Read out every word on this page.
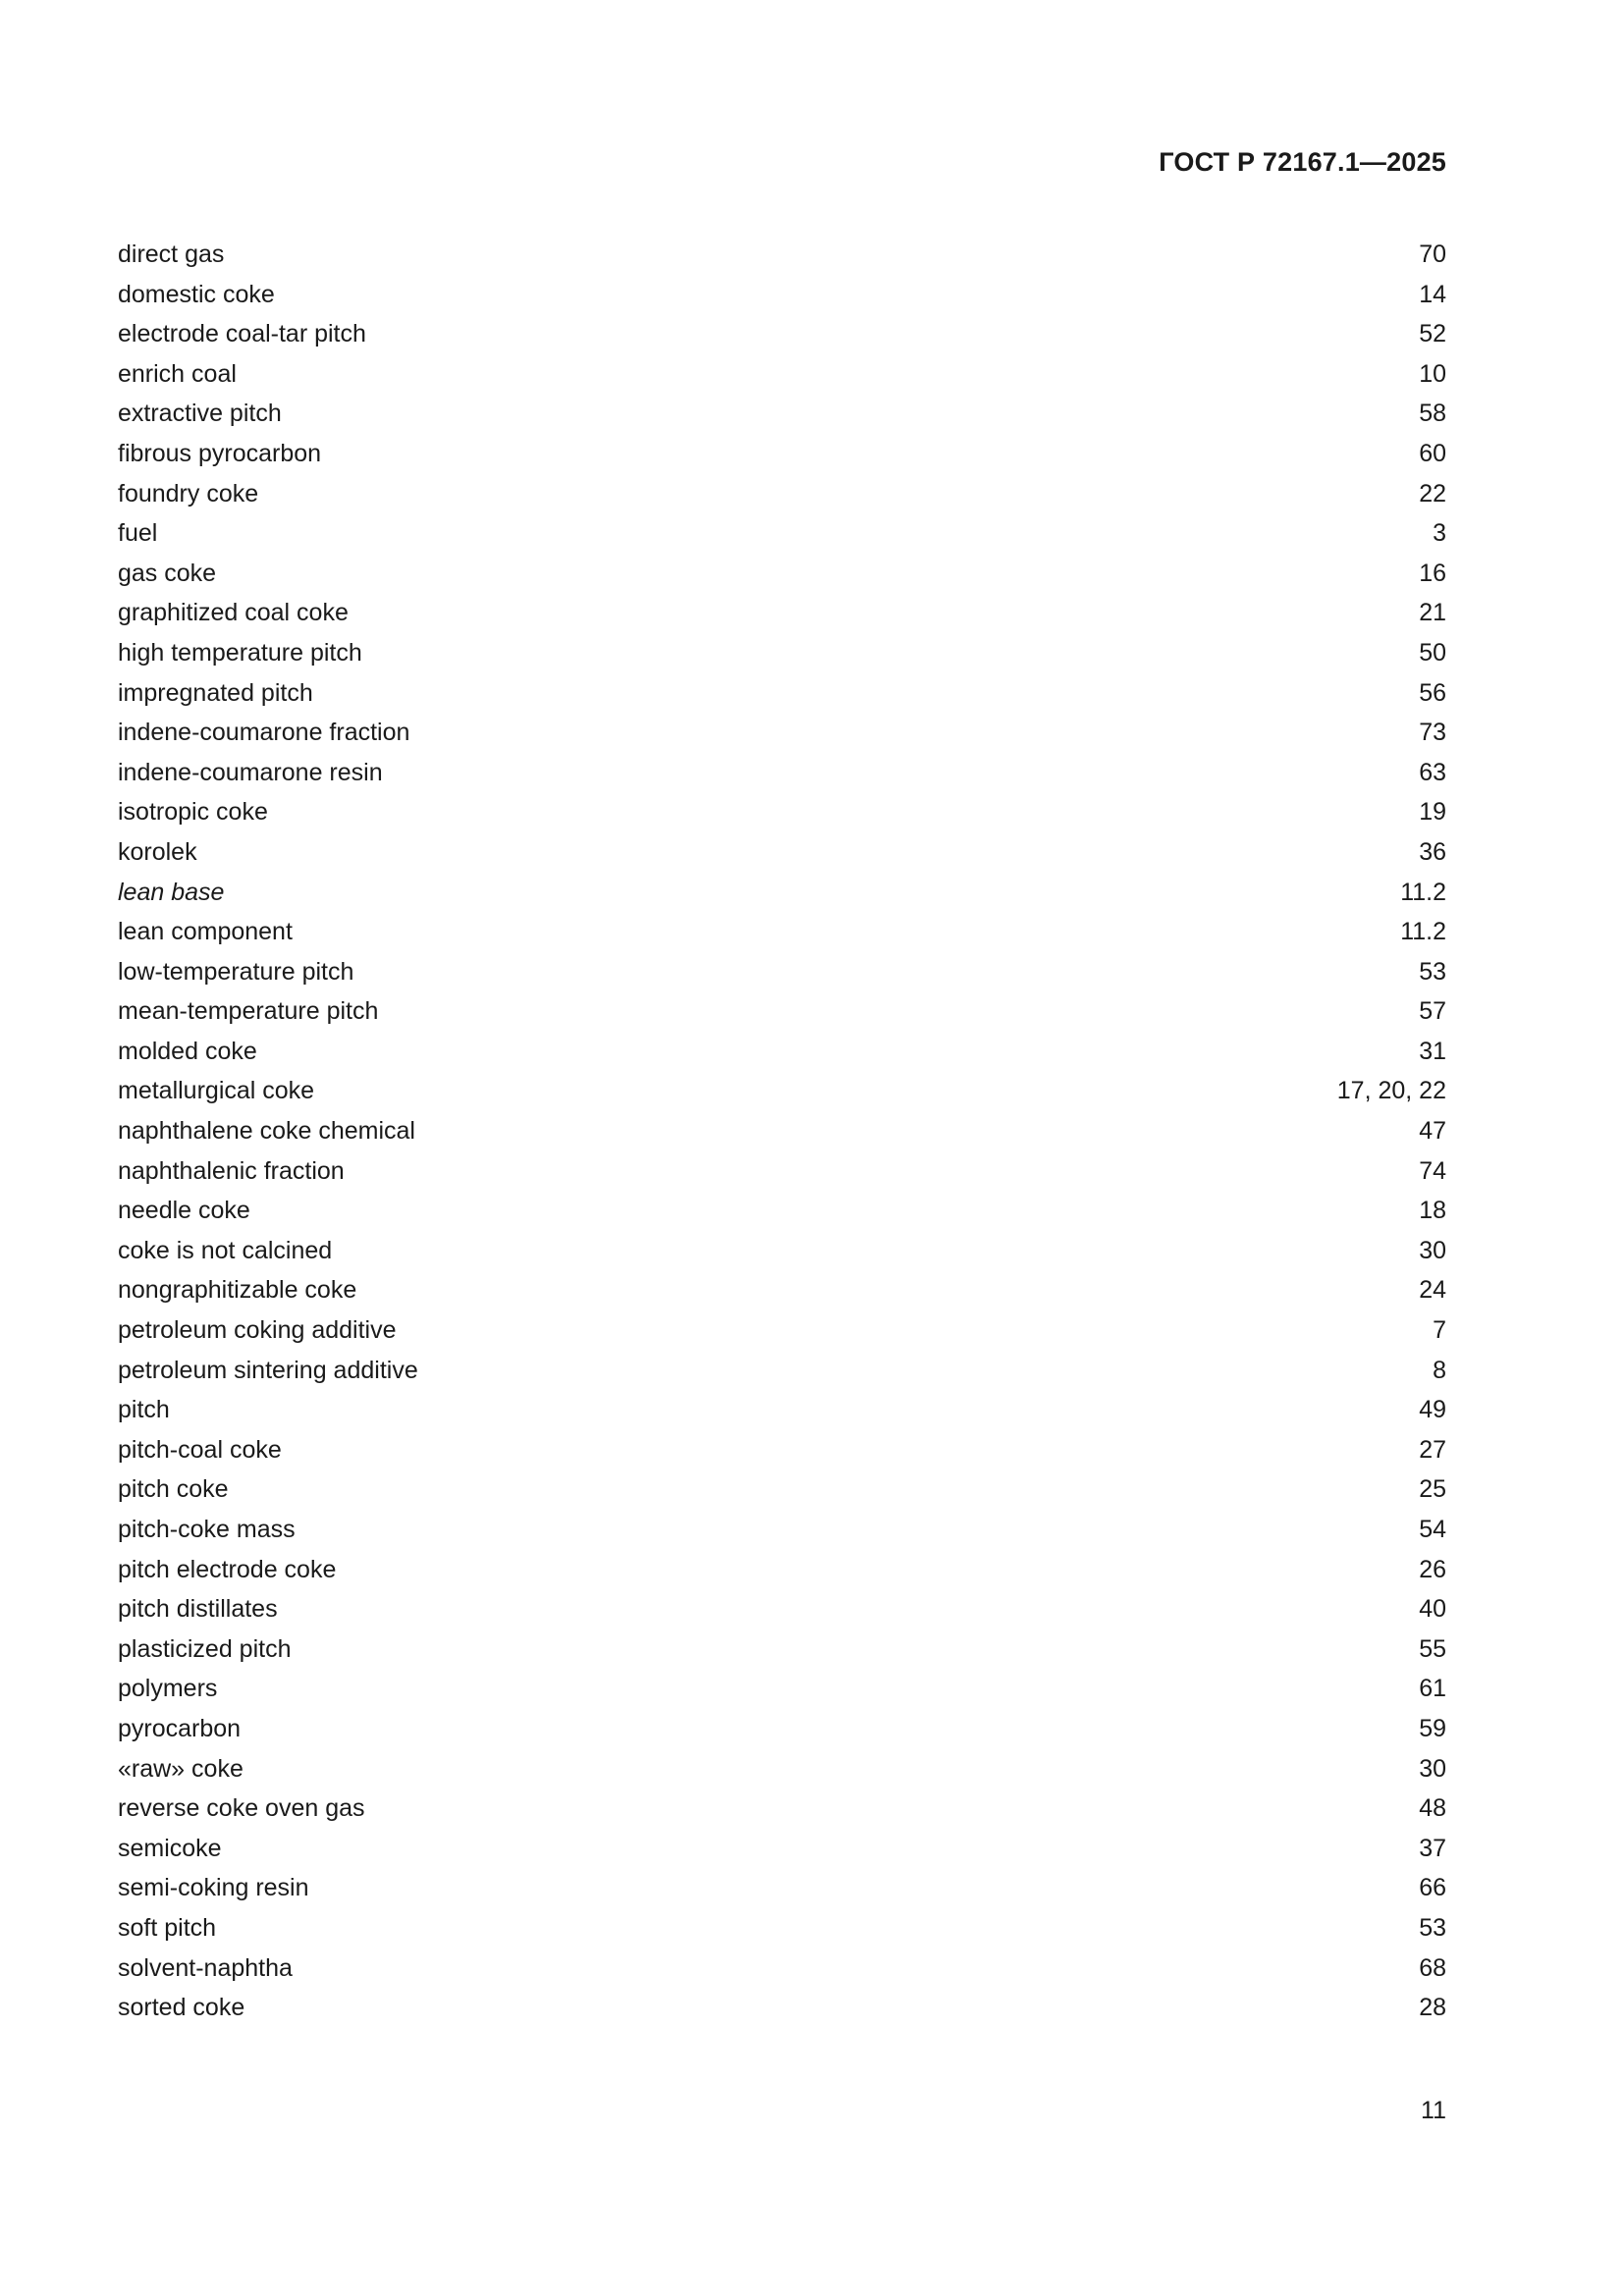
ГОСТ Р 72167.1—2025
direct gas	70
domestic coke	14
electrode coal-tar pitch	52
enrich coal	10
extractive pitch	58
fibrous pyrocarbon	60
foundry coke	22
fuel	3
gas coke	16
graphitized coal coke	21
high temperature pitch	50
impregnated pitch	56
indene-coumarone fraction	73
indene-coumarone resin	63
isotropic coke	19
korolek	36
lean base	11.2
lean component	11.2
low-temperature pitch	53
mean-temperature pitch	57
molded coke	31
metallurgical coke	17, 20, 22
naphthalene coke chemical	47
naphthalenic fraction	74
needle coke	18
coke is not calcined	30
nongraphitizable coke	24
petroleum coking additive	7
petroleum sintering additive	8
pitch	49
pitch-coal coke	27
pitch coke	25
pitch-coke mass	54
pitch electrode coke	26
pitch distillates	40
plasticized pitch	55
polymers	61
pyrocarbon	59
«raw» coke	30
reverse coke oven gas	48
semicoke	37
semi-coking resin	66
soft pitch	53
solvent-naphtha	68
sorted coke	28
11
